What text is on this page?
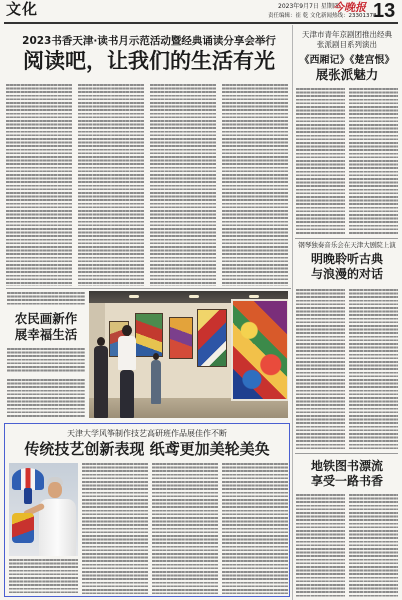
文化	2023年9月7日 星期四
今晚报 13
责任编辑：崔 乾 文化新闻热线：23301378
2023书香天津·读书月示范活动暨经典诵读分享会举行
阅读吧，让我们的生活有光
天津市青年京剧团推出经典
张派剧目系列演出
《西厢记》《楚宫恨》
展张派魅力
钢琴独奏音乐会在天津大剧院上演
明晚聆听古典
与浪漫的对话
地铁图书漂流
享受一路书香
农民画新作
展幸福生活
天津大学风筝制作技艺高研班作品展佳作不断
传统技艺创新表现 纸鸢更加美轮美奂
